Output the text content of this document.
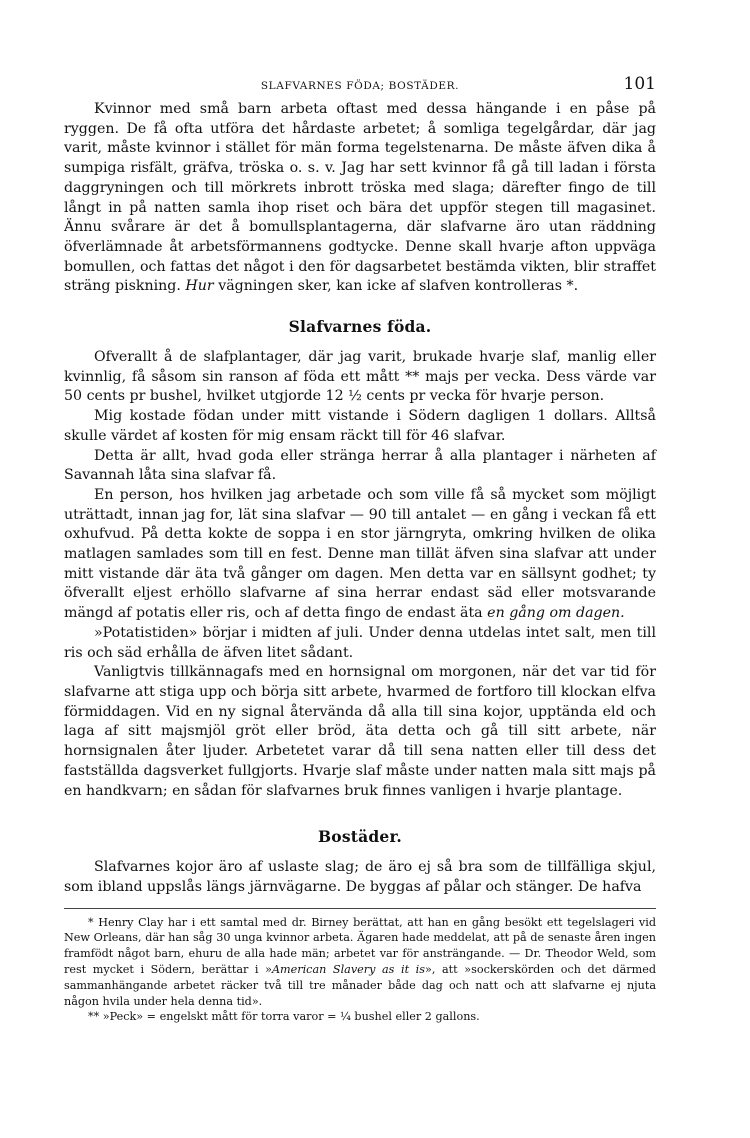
SLAFVARNES FÖDA; BOSTÄDER.	101

Kvinnor med små barn arbeta oftast med dessa hängande i en påse på ryggen. De få ofta utföra det hårdaste arbetet; å somliga tegelgårdar, där jag varit, måste kvinnor i stället för män forma tegelstenarna. De måste äfven dika å sumpiga risfält, gräfva, tröska o. s. v. Jag har sett kvinnor få gå till ladan i första daggryningen och till mörkrets inbrott tröska med slaga; därefter fingo de till långt in på natten samla ihop riset och bära det uppför stegen till magasinet. Ännu svårare är det å bomullsplantagerna, där slafvarne äro utan räddning öfverlämnade åt arbetsförmannens godtycke. Denne skall hvarje afton uppväga bomullen, och fattas det något i den för dagsarbetet bestämda vikten, blir straffet sträng piskning. Hur vägningen sker, kan icke af slafven kontrolleras *.

Slafvarnes föda.

Ofverallt å de slafplantager, där jag varit, brukade hvarje slaf, manlig eller kvinnlig, få såsom sin ranson af föda ett mått ** majs per vecka. Dess värde var 50 cents pr bushel, hvilket utgjorde 12 ½ cents pr vecka för hvarje person.

Mig kostade födan under mitt vistande i Södern dagligen 1 dollars. Alltså skulle värdet af kosten för mig ensam räckt till för 46 slafvar.

Detta är allt, hvad goda eller stränga herrar å alla plantager i närheten af Savannah låta sina slafvar få.

En person, hos hvilken jag arbetade och som ville få så mycket som möjligt uträttadt, innan jag for, lät sina slafvar — 90 till antalet — en gång i veckan få ett oxhufvud. På detta kokte de soppa i en stor järngryta, omkring hvilken de olika matlagen samlades som till en fest. Denne man tillät äfven sina slafvar att under mitt vistande där äta två gånger om dagen. Men detta var en sällsynt godhet; ty öfverallt eljest erhöllo slafvarne af sina herrar endast säd eller motsvarande mängd af potatis eller ris, och af detta fingo de endast äta en gång om dagen.

»Potatistiden» börjar i midten af juli. Under denna utdelas intet salt, men till ris och säd erhålla de äfven litet sådant.

Vanligtvis tillkännagafs med en hornsignal om morgonen, när det var tid för slafvarne att stiga upp och börja sitt arbete, hvarmed de fortforo till klockan elfva förmiddagen. Vid en ny signal återvända då alla till sina kojor, upptända eld och laga af sitt majsmjöl gröt eller bröd, äta detta och gå till sitt arbete, när hornsignalen åter ljuder. Arbetetet varar då till sena natten eller till dess det fastställda dagsverket fullgjorts. Hvarje slaf måste under natten mala sitt majs på en handkvarn; en sådan för slafvarnes bruk finnes vanligen i hvarje plantage.

Bostäder.

Slafvarnes kojor äro af uslaste slag; de äro ej så bra som de tillfälliga skjul, som ibland uppslås längs järnvägarne. De byggas af pålar och stänger. De hafva

* Henry Clay har i ett samtal med dr. Birney berättat, att han en gång besökt ett tegelslageri vid New Orleans, där han såg 30 unga kvinnor arbeta. Ägaren hade meddelat, att på de senaste åren ingen framfödt något barn, ehuru de alla hade män; arbetet var för ansträngande. — Dr. Theodor Weld, som rest mycket i Södern, berättar i »American Slavery as it is», att »sockerskörden och det därmed sammanhängande arbetet räcker två till tre månader både dag och natt och att slafvarne ej njuta någon hvila under hela denna tid».

** »Peck» = engelskt mått för torra varor = ¼ bushel eller 2 gallons.
